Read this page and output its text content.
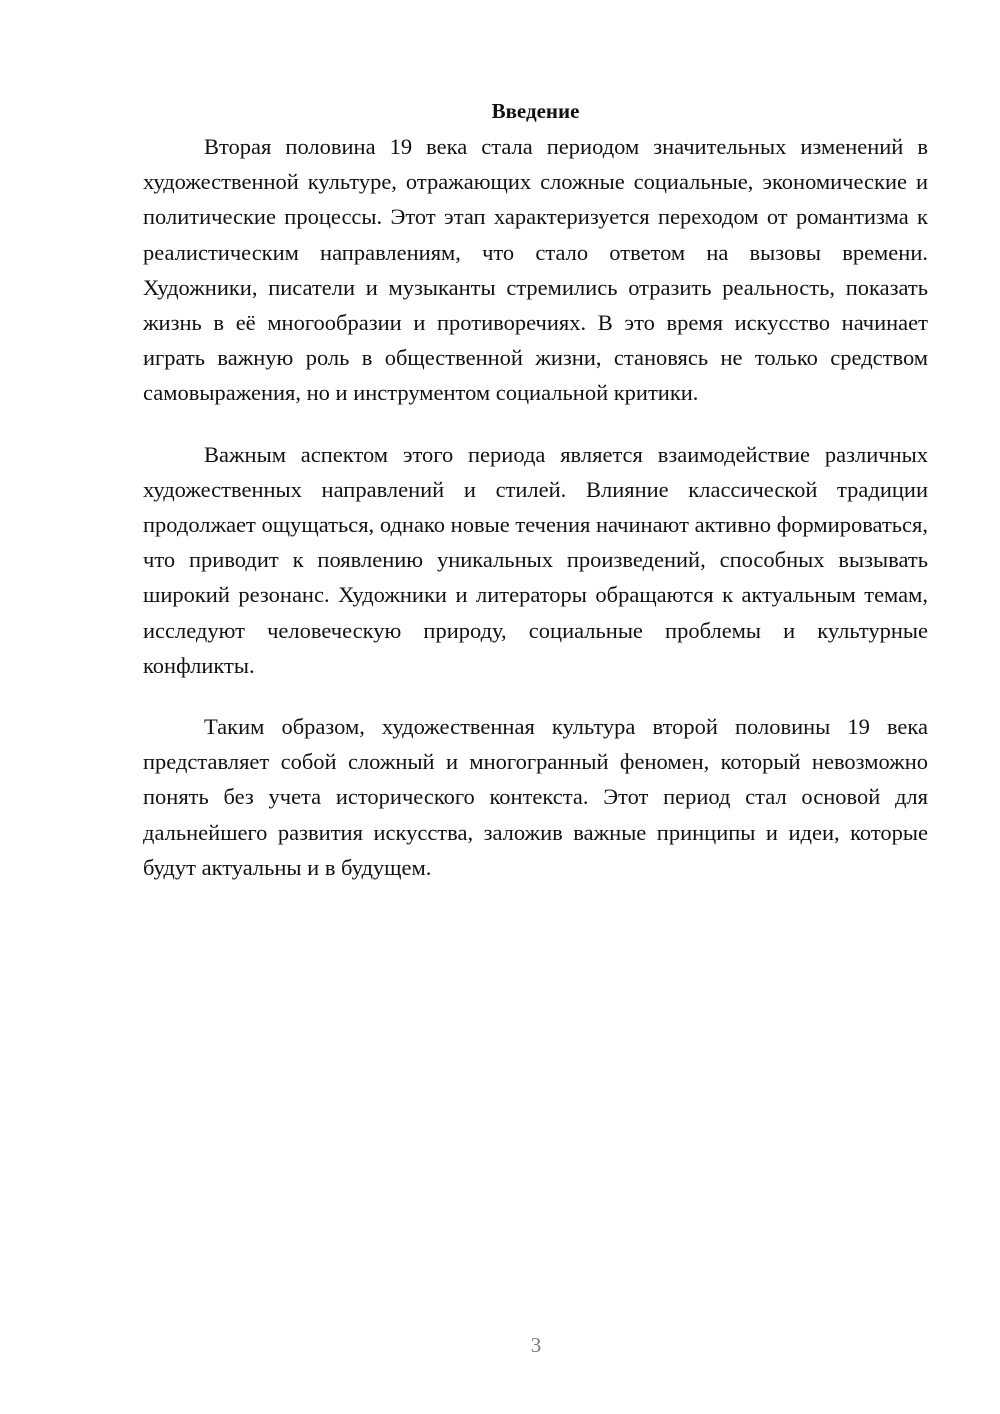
Введение

Вторая половина 19 века стала периодом значительных изменений в художественной культуре, отражающих сложные социальные, экономические и политические процессы. Этот этап характеризуется переходом от романтизма к реалистическим направлениям, что стало ответом на вызовы времени. Художники, писатели и музыканты стремились отразить реальность, показать жизнь в её многообразии и противоречиях. В это время искусство начинает играть важную роль в общественной жизни, становясь не только средством самовыражения, но и инструментом социальной критики.

Важным аспектом этого периода является взаимодействие различных художественных направлений и стилей. Влияние классической традиции продолжает ощущаться, однако новые течения начинают активно формироваться, что приводит к появлению уникальных произведений, способных вызывать широкий резонанс. Художники и литераторы обращаются к актуальным темам, исследуют человеческую природу, социальные проблемы и культурные конфликты.

Таким образом, художественная культура второй половины 19 века представляет собой сложный и многогранный феномен, который невозможно понять без учета исторического контекста. Этот период стал основой для дальнейшего развития искусства, заложив важные принципы и идеи, которые будут актуальны и в будущем.

3
